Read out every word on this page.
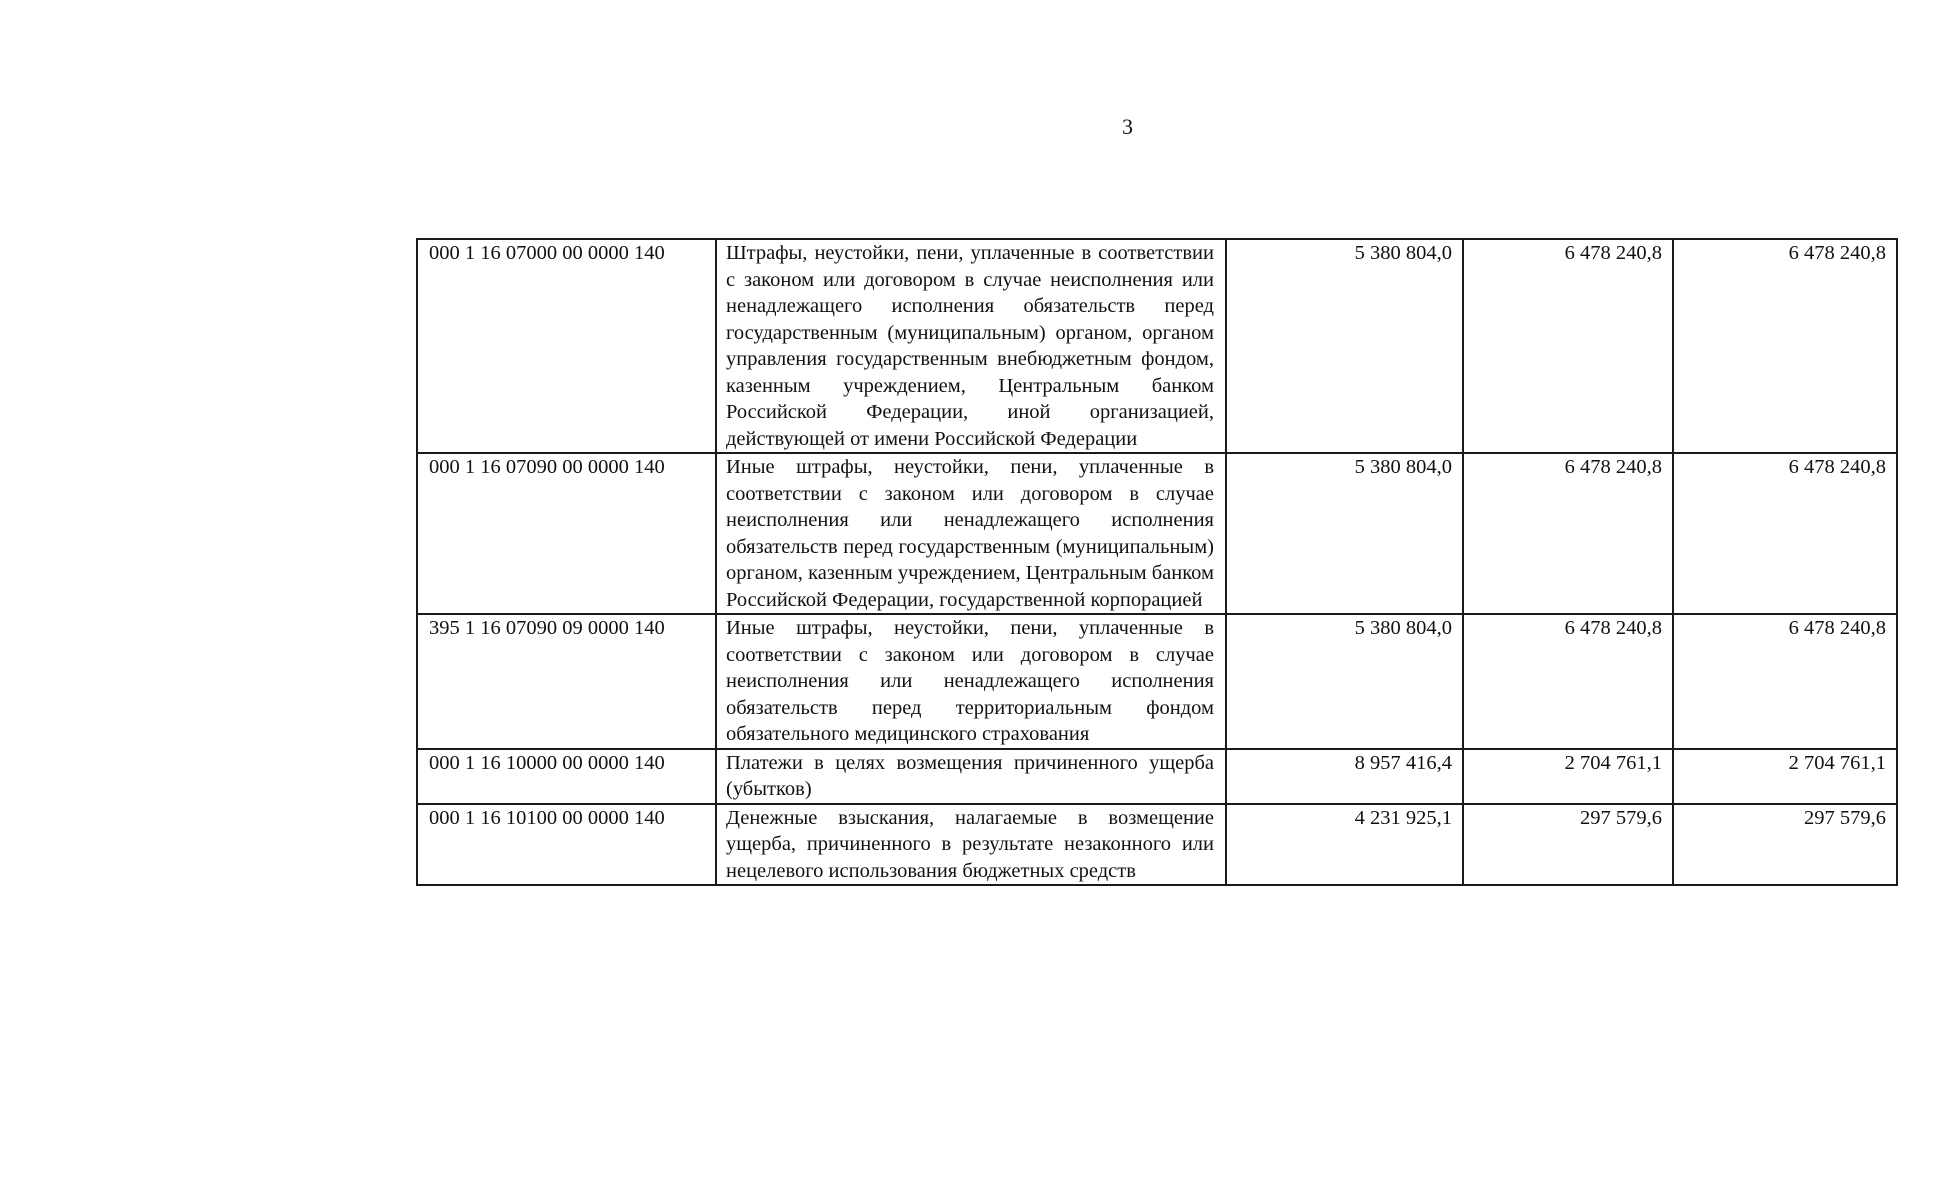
3
000 1 16 07000 00 0000 140	Штрафы, неустойки, пени, уплаченные в соответствии с законом или договором в случае неисполнения или ненадлежащего исполнения обязательств перед государственным (муниципальным) органом, органом управления государственным внебюджетным фондом, казенным учреждением, Центральным банком Российской Федерации, иной организацией, действующей от имени Российской Федерации	5 380 804,0	6 478 240,8	6 478 240,8
000 1 16 07090 00 0000 140	Иные штрафы, неустойки, пени, уплаченные в соответствии с законом или договором в случае неисполнения или ненадлежащего исполнения обязательств перед государственным (муниципальным) органом, казенным учреждением, Центральным банком Российской Федерации, государственной корпорацией	5 380 804,0	6 478 240,8	6 478 240,8
395 1 16 07090 09 0000 140	Иные штрафы, неустойки, пени, уплаченные в соответствии с законом или договором в случае неисполнения или ненадлежащего исполнения обязательств перед территориальным фондом обязательного медицинского страхования	5 380 804,0	6 478 240,8	6 478 240,8
000 1 16 10000 00 0000 140	Платежи в целях возмещения причиненного ущерба (убытков)	8 957 416,4	2 704 761,1	2 704 761,1
000 1 16 10100 00 0000 140	Денежные взыскания, налагаемые в возмещение ущерба, причиненного в результате незаконного или нецелевого использования бюджетных средств	4 231 925,1	297 579,6	297 579,6
